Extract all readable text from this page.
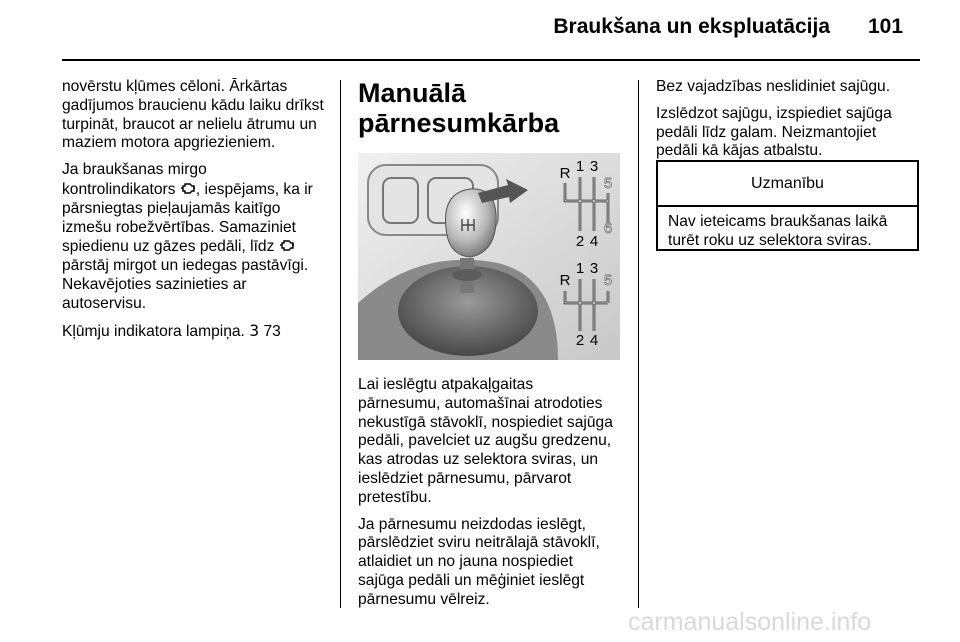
Braukšana un ekspluatācija 101

novērstu kļūmes cēloni. Ārkārtas
gadījumos braucienu kādu laiku drīkst
turpināt, braucot ar nelielu ātrumu un
maziem motora apgriezieniem.

Ja braukšanas mirgo
kontrolindikators , iespējams, ka ir
pārsniegtas pieļaujamās kaitīgo
izmešu robežvērtības. Samaziniet
spiedienu uz gāzes pedāli, līdz
pārstāj mirgot un iedegas pastāvīgi.
Nekavējoties sazinieties ar
autoservisu.

Kļūmju indikatora lampiņa. 3 73

Manuālā
pārnesumkārba
R 1 3
5
2 4
6
R
1 3
5
2 4

Lai ieslēgtu atpakaļgaitas
pārnesumu, automašīnai atrodoties
nekustīgā stāvoklī, nospiediet sajūga
pedāli, pavelciet uz augšu gredzenu,
kas atrodas uz selektora sviras, un
ieslēdziet pārnesumu, pārvarot
pretestību.

Ja pārnesumu neizdodas ieslēgt,
pārslēdziet sviru neitrālajā stāvoklī,
atlaidiet un no jauna nospiediet
sajūga pedāli un mēģiniet ieslēgt
pārnesumu vēlreiz.

Bez vajadzības neslidiniet sajūgu.

Izslēdzot sajūgu, izspiediet sajūga
pedāli līdz galam. Neizmantojiet
pedāli kā kājas atbalstu.

Uzmanību
Nav ieteicams braukšanas laikā
turēt roku uz selektora sviras.
carmanualsonline.info
